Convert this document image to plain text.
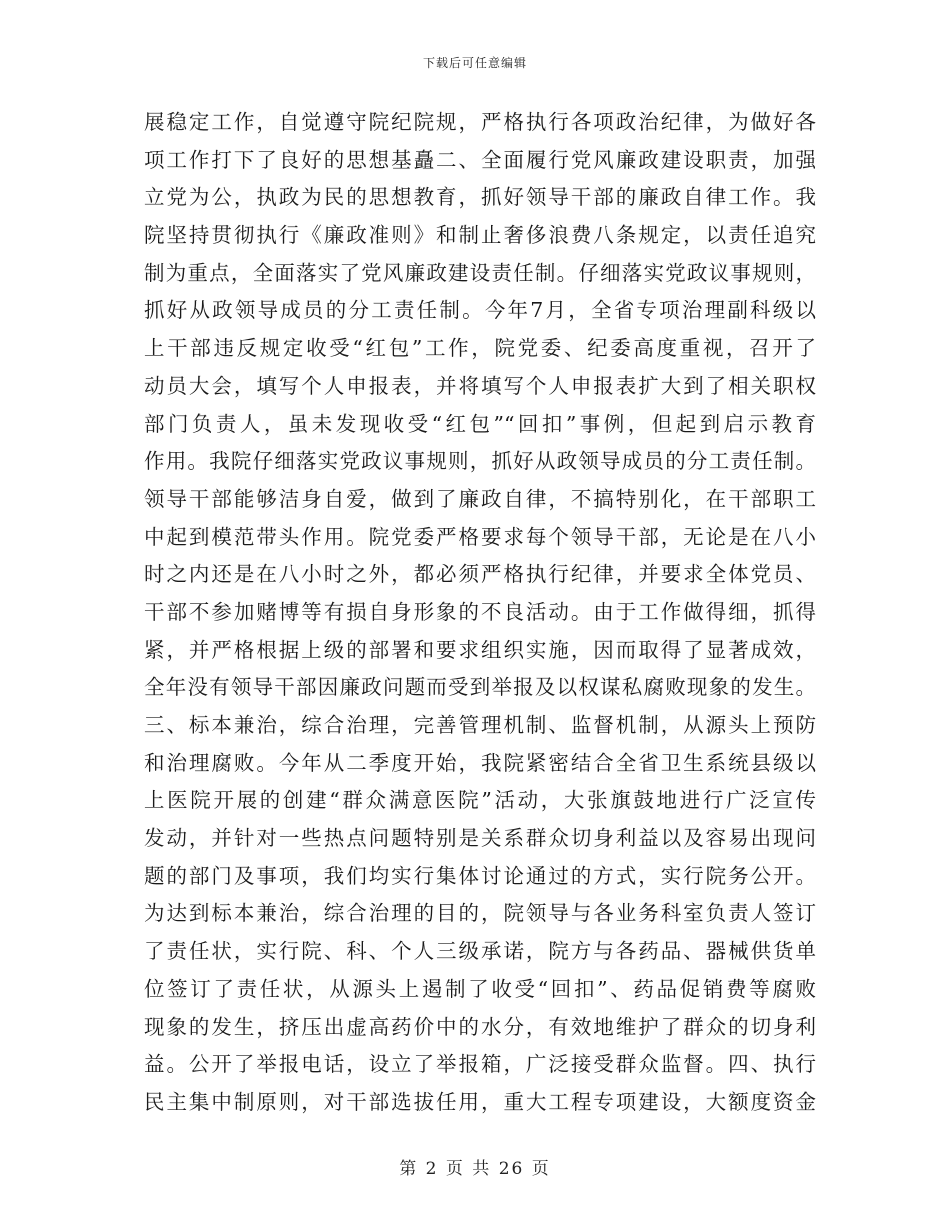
下载后可任意编辑
展稳定工作，自觉遵守院纪院规，严格执行各项政治纪律，为做好各
项工作打下了良好的思想基矗二、全面履行党风廉政建设职责，加强
立党为公，执政为民的思想教育，抓好领导干部的廉政自律工作。我
院坚持贯彻执行《廉政准则》和制止奢侈浪费八条规定，以责任追究
制为重点，全面落实了党风廉政建设责任制。仔细落实党政议事规则，
抓好从政领导成员的分工责任制。今年7月，全省专项治理副科级以
上干部违反规定收受“红包”工作，院党委、纪委高度重视，召开了
动员大会，填写个人申报表，并将填写个人申报表扩大到了相关职权
部门负责人，虽未发现收受“红包”“回扣”事例，但起到启示教育
作用。我院仔细落实党政议事规则，抓好从政领导成员的分工责任制。
领导干部能够洁身自爱，做到了廉政自律，不搞特别化，在干部职工
中起到模范带头作用。院党委严格要求每个领导干部，无论是在八小
时之内还是在八小时之外，都必须严格执行纪律，并要求全体党员、
干部不参加赌博等有损自身形象的不良活动。由于工作做得细，抓得
紧，并严格根据上级的部署和要求组织实施，因而取得了显著成效，
全年没有领导干部因廉政问题而受到举报及以权谋私腐败现象的发生。
三、标本兼治，综合治理，完善管理机制、监督机制，从源头上预防
和治理腐败。今年从二季度开始，我院紧密结合全省卫生系统县级以
上医院开展的创建“群众满意医院”活动，大张旗鼓地进行广泛宣传
发动，并针对一些热点问题特别是关系群众切身利益以及容易出现问
题的部门及事项，我们均实行集体讨论通过的方式，实行院务公开。
为达到标本兼治，综合治理的目的，院领导与各业务科室负责人签订
了责任状，实行院、科、个人三级承诺，院方与各药品、器械供货单
位签订了责任状，从源头上遏制了收受“回扣”、药品促销费等腐败
现象的发生，挤压出虚高药价中的水分，有效地维护了群众的切身利
益。公开了举报电话，设立了举报箱，广泛接受群众监督。四、执行
民主集中制原则，对干部选拔任用，重大工程专项建设，大额度资金
第 2 页 共 26 页
